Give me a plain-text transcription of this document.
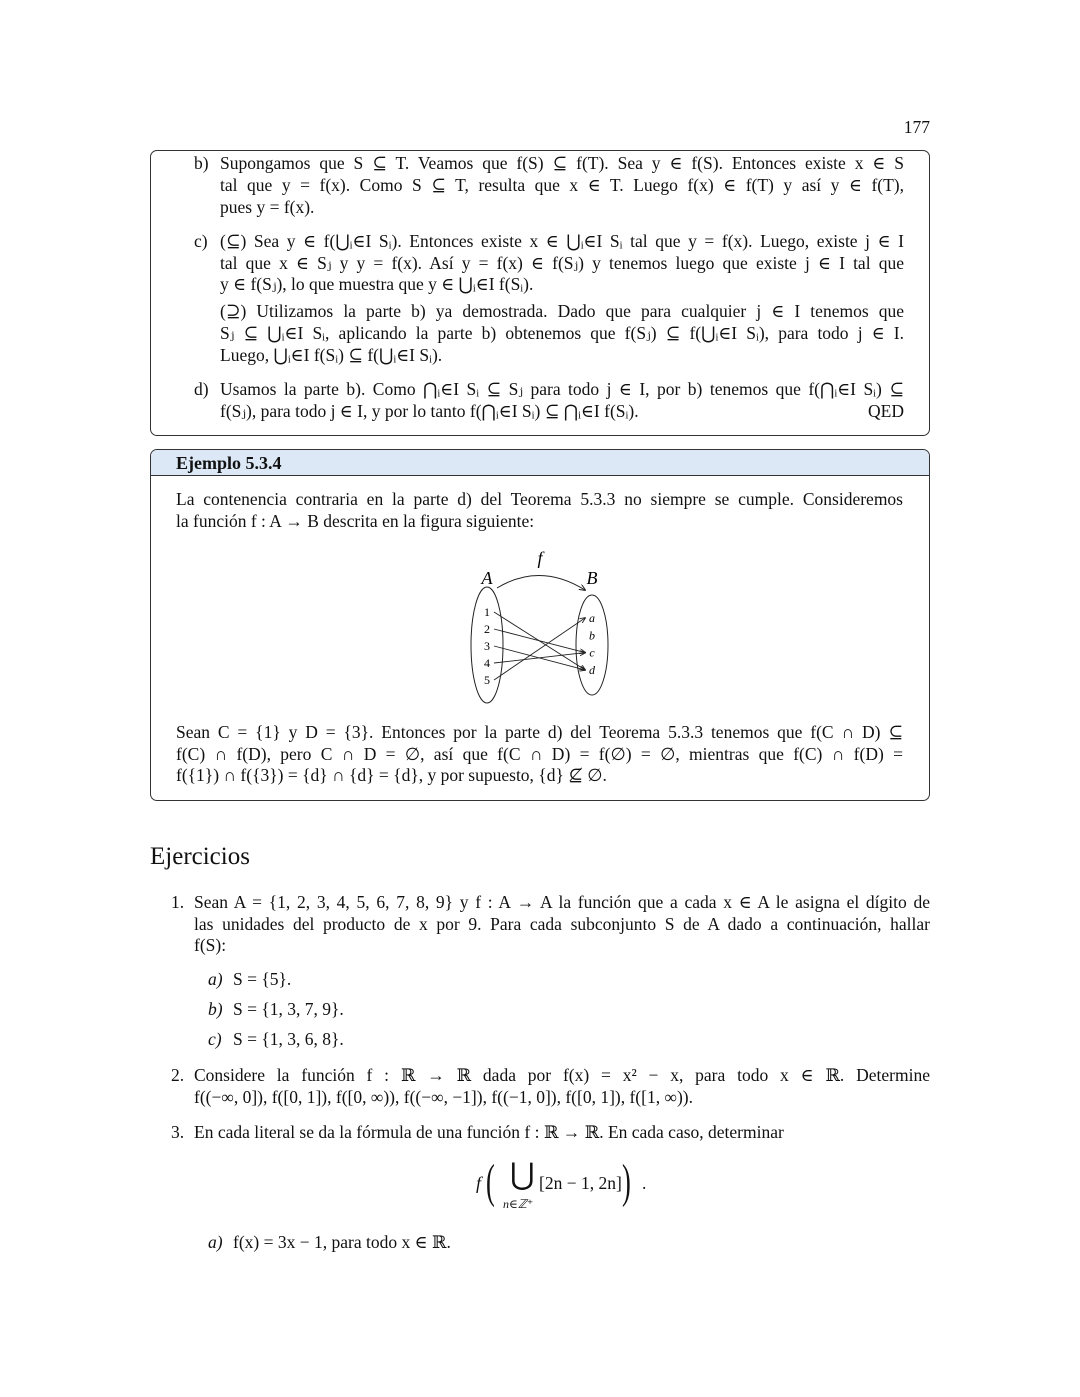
177
b) Supongamos que S ⊆ T. Veamos que f(S) ⊆ f(T). Sea y ∈ f(S). Entonces existe x ∈ S
tal que y = f(x). Como S ⊆ T, resulta que x ∈ T. Luego f(x) ∈ f(T) y así y ∈ f(T),
pues y = f(x).
c) (⊆) Sea y ∈ f(⋃ᵢ∈I Sᵢ). Entonces existe x ∈ ⋃ᵢ∈I Sᵢ tal que y = f(x). Luego, existe j ∈ I
tal que x ∈ Sⱼ y y = f(x). Así y = f(x) ∈ f(Sⱼ) y tenemos luego que existe j ∈ I tal que
y ∈ f(Sⱼ), lo que muestra que y ∈ ⋃ᵢ∈I f(Sᵢ).
(⊇) Utilizamos la parte b) ya demostrada. Dado que para cualquier j ∈ I tenemos que
Sⱼ ⊆ ⋃ᵢ∈I Sᵢ, aplicando la parte b) obtenemos que f(Sⱼ) ⊆ f(⋃ᵢ∈I Sᵢ), para todo j ∈ I.
Luego, ⋃ᵢ∈I f(Sᵢ) ⊆ f(⋃ᵢ∈I Sᵢ).
d) Usamos la parte b). Como ⋂ᵢ∈I Sᵢ ⊆ Sⱼ para todo j ∈ I, por b) tenemos que f(⋂ᵢ∈I Sᵢ) ⊆
f(Sⱼ), para todo j ∈ I, y por lo tanto f(⋂ᵢ∈I Sᵢ) ⊆ ⋂ᵢ∈I f(Sᵢ).	QED
Ejemplo 5.3.4
La contenencia contraria en la parte d) del Teorema 5.3.3 no siempre se cumple. Consideremos
la función f : A → B descrita en la figura siguiente:
f
A	B
1
2
3
4
5
a
b
c
d
Sean C = {1} y D = {3}. Entonces por la parte d) del Teorema 5.3.3 tenemos que f(C ∩ D) ⊆
f(C) ∩ f(D), pero C ∩ D = ∅, así que f(C ∩ D) = f(∅) = ∅, mientras que f(C) ∩ f(D) =
f({1}) ∩ f({3}) = {d} ∩ {d} = {d}, y por supuesto, {d} ⊈ ∅.
Ejercicios
1. Sean A = {1, 2, 3, 4, 5, 6, 7, 8, 9} y f : A → A la función que a cada x ∈ A le asigna el dígito de
las unidades del producto de x por 9. Para cada subconjunto S de A dado a continuación, hallar
f(S):
a) S = {5}.
b) S = {1, 3, 7, 9}.
c) S = {1, 3, 6, 8}.
2. Considere la función f : ℝ → ℝ dada por f(x) = x² − x, para todo x ∈ ℝ. Determine
f((−∞, 0]), f([0, 1]), f([0, ∞)), f((−∞, −1]), f((−1, 0]), f([0, 1]), f([1, ∞)).
3. En cada literal se da la fórmula de una función f : ℝ → ℝ. En cada caso, determinar
f ( ⋃
n∈ℤ⁺
[2n − 1, 2n] ) .
a) f(x) = 3x − 1, para todo x ∈ ℝ.
